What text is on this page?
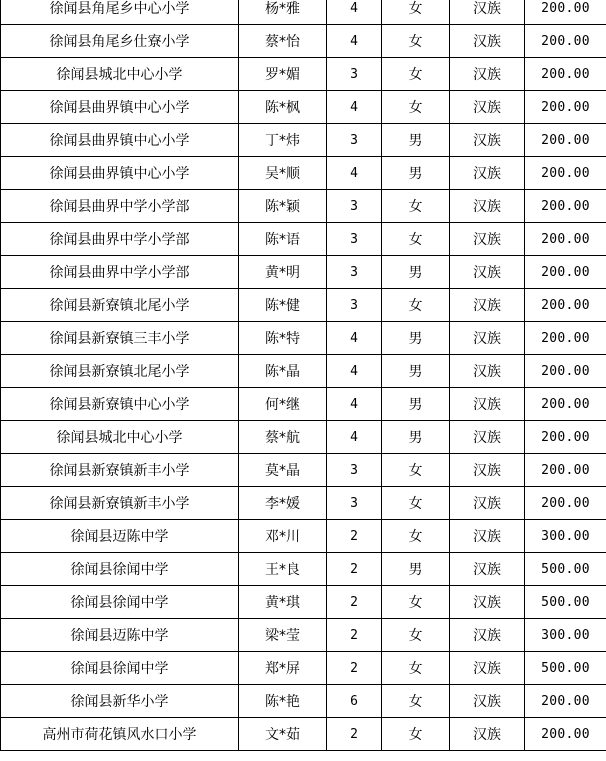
徐闻县角尾乡中心小学	杨*雅	4	女	汉族	200.00
徐闻县角尾乡仕寮小学	蔡*怡	4	女	汉族	200.00
徐闻县城北中心小学	罗*媚	3	女	汉族	200.00
徐闻县曲界镇中心小学	陈*枫	4	女	汉族	200.00
徐闻县曲界镇中心小学	丁*炜	3	男	汉族	200.00
徐闻县曲界镇中心小学	吴*顺	4	男	汉族	200.00
徐闻县曲界中学小学部	陈*颖	3	女	汉族	200.00
徐闻县曲界中学小学部	陈*语	3	女	汉族	200.00
徐闻县曲界中学小学部	黄*明	3	男	汉族	200.00
徐闻县新寮镇北尾小学	陈*健	3	女	汉族	200.00
徐闻县新寮镇三丰小学	陈*特	4	男	汉族	200.00
徐闻县新寮镇北尾小学	陈*晶	4	男	汉族	200.00
徐闻县新寮镇中心小学	何*继	4	男	汉族	200.00
徐闻县城北中心小学	蔡*航	4	男	汉族	200.00
徐闻县新寮镇新丰小学	莫*晶	3	女	汉族	200.00
徐闻县新寮镇新丰小学	李*媛	3	女	汉族	200.00
徐闻县迈陈中学	邓*川	2	女	汉族	300.00
徐闻县徐闻中学	王*良	2	男	汉族	500.00
徐闻县徐闻中学	黄*琪	2	女	汉族	500.00
徐闻县迈陈中学	梁*莹	2	女	汉族	300.00
徐闻县徐闻中学	郑*屏	2	女	汉族	500.00
徐闻县新华小学	陈*艳	6	女	汉族	200.00
高州市荷花镇风水口小学	文*茹	2	女	汉族	200.00
